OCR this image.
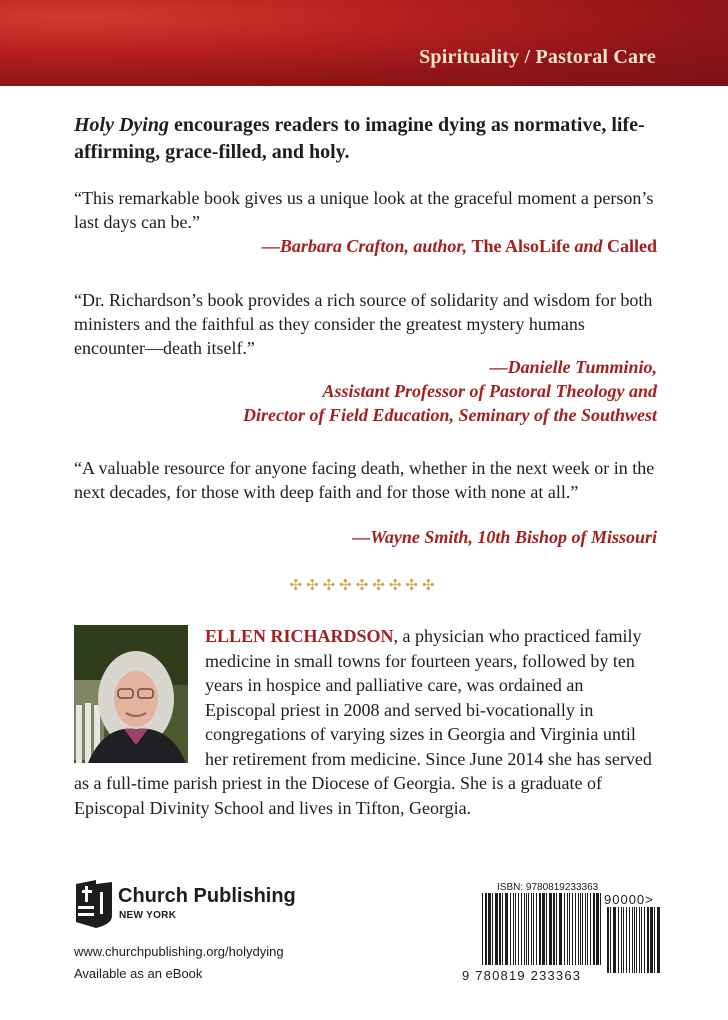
Spirituality / Pastoral Care
Holy Dying encourages readers to imagine dying as normative, life-affirming, grace-filled, and holy.
“This remarkable book gives us a unique look at the graceful moment a person’s last days can be.”
—Barbara Crafton, author, The AlsoLife and Called
“Dr. Richardson’s book provides a rich source of solidarity and wisdom for both ministers and the faithful as they consider the greatest mystery humans encounter—death itself.”
—Danielle Tumminio,
Assistant Professor of Pastoral Theology and
Director of Field Education, Seminary of the Southwest
“A valuable resource for anyone facing death, whether in the next week or in the next decades, for those with deep faith and for those with none at all.”
—Wayne Smith, 10th Bishop of Missouri
✣✣✣✣✣✣✣✣✣
ELLEN RICHARDSON, a physician who practiced family medicine in small towns for fourteen years, followed by ten years in hospice and palliative care, was ordained an Episcopal priest in 2008 and served bi-vocationally in congregations of varying sizes in Georgia and Virginia until her retirement from medicine. Since June 2014 she has served as a full-time parish priest in the Diocese of Georgia. She is a graduate of Episcopal Divinity School and lives in Tifton, Georgia.
Church Publishing
NEW YORK
www.churchpublishing.org/holydying
Available as an eBook
ISBN: 9780819233363
9 780819 233363
90000>
